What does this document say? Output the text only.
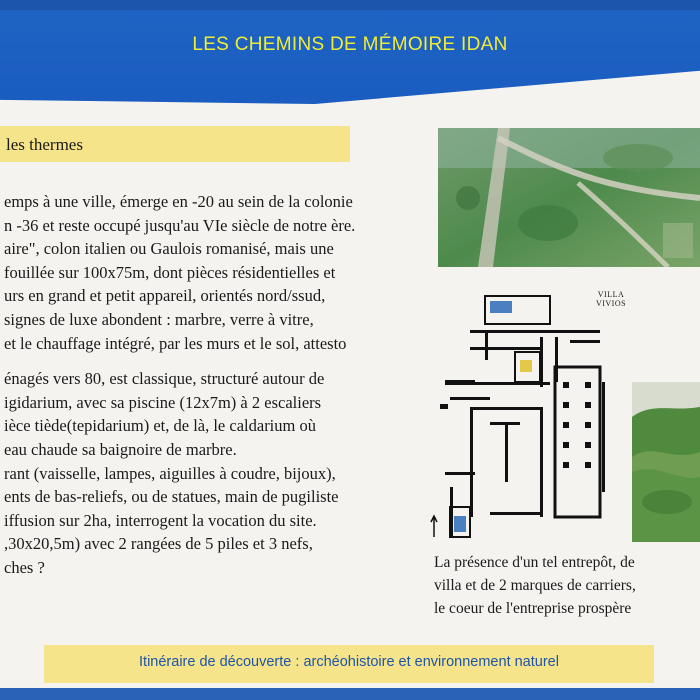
LES CHEMINS DE MÉMOIRE IDAN
les thermes
emps à une ville, émerge en -20 au sein de la colonie
n -36 et reste occupé jusqu'au VIe siècle de notre ère.
aire", colon italien ou Gaulois romanisé, mais une
fouillée sur 100x75m, dont pièces résidentielles et
urs en grand et petit appareil, orientés nord/ssud,
signes de luxe abondent : marbre, verre à vitre,
et le chauffage intégré, par les murs et le sol, attesto
énagés vers 80, est classique, structuré autour de
igidarium, avec sa piscine (12x7m) à 2 escaliers
ièce tiède(tepidarium) et, de là, le caldarium où
eau chaude sa baignoire de marbre.
rant (vaisselle, lampes, aiguilles à coudre, bijoux),
ents de bas-reliefs, ou de statues, main de pugiliste
iffusion sur 2ha, interrogent la vocation du site.
,30x20,5m) avec 2 rangées de 5 piles et 3 nefs,
ches ?
VILLA
VIVIOS
La présence d'un tel entrepôt, de
villa et de 2 marques de carriers,
le coeur de l'entreprise prospère
Itinéraire de découverte : archéohistoire et environnement naturel
